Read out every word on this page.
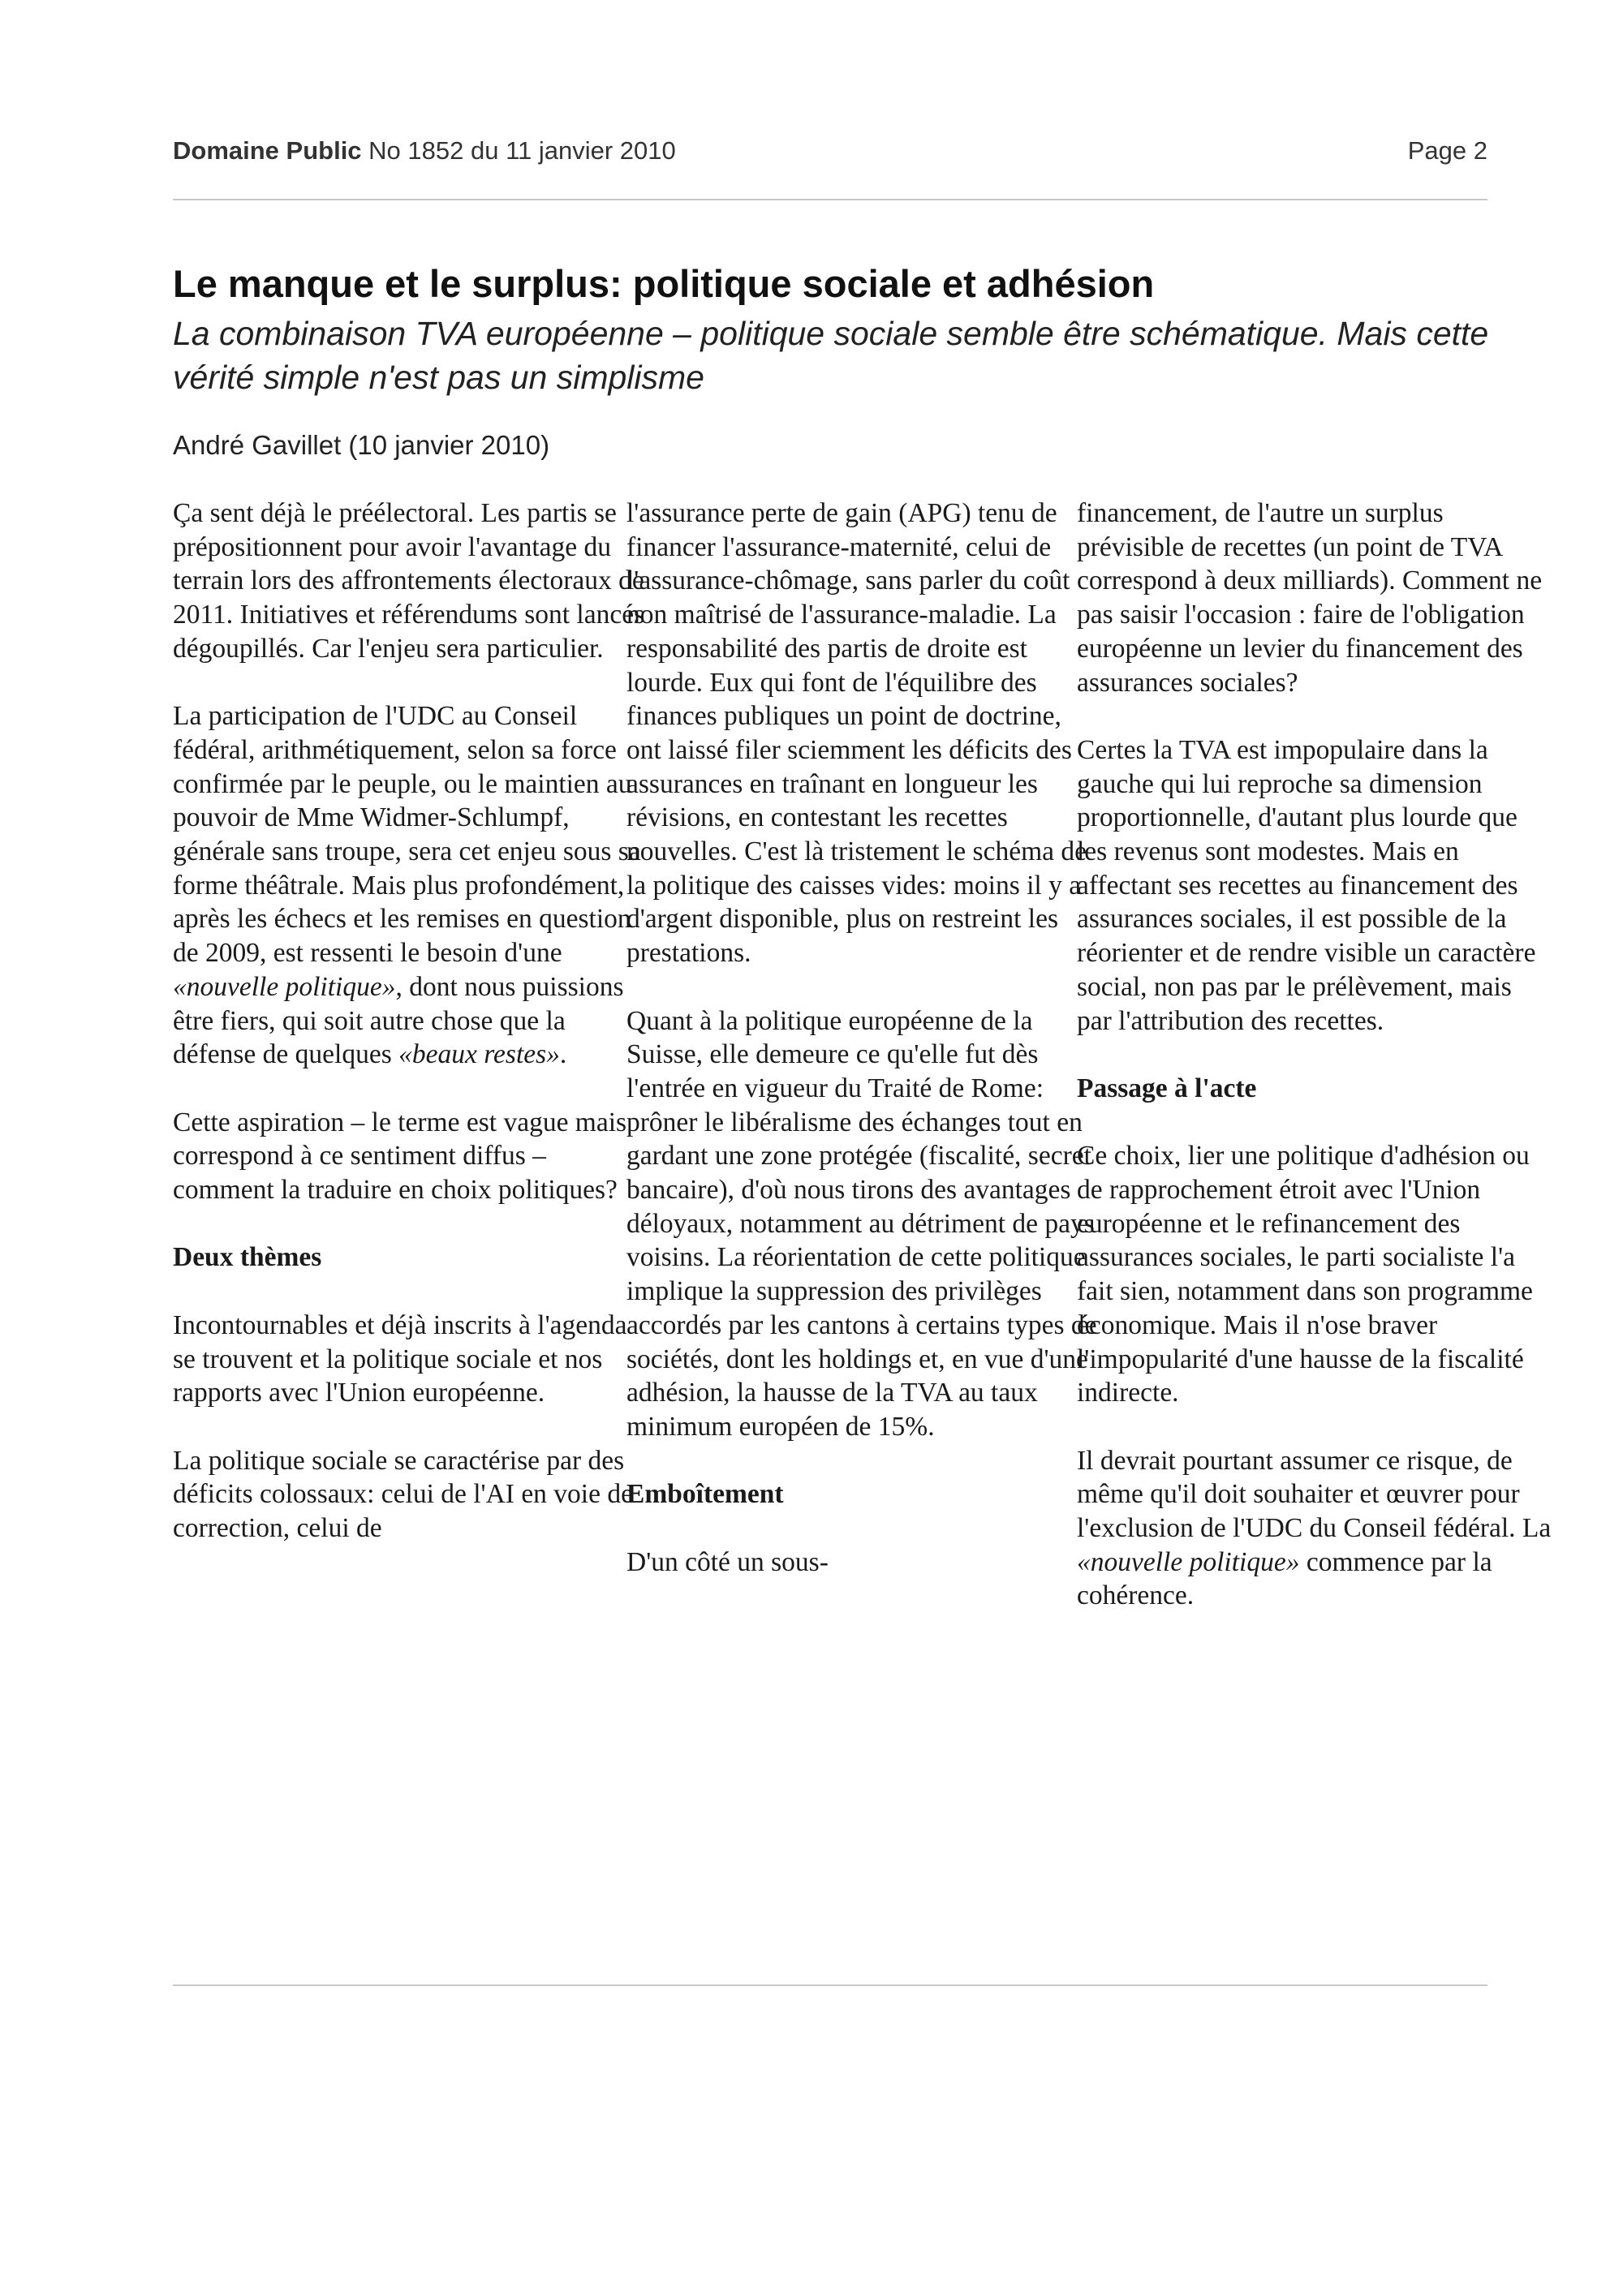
Domaine Public No 1852 du 11 janvier 2010	Page 2
Le manque et le surplus: politique sociale et adhésion
La combinaison TVA européenne – politique sociale semble être schématique. Mais cette vérité simple n'est pas un simplisme
André Gavillet (10 janvier 2010)

Ça sent déjà le préélectoral. Les partis se prépositionnent pour avoir l'avantage du terrain lors des affrontements électoraux de 2011. Initiatives et référendums sont lancés dégoupillés. Car l'enjeu sera particulier.

La participation de l'UDC au Conseil fédéral, arithmétiquement, selon sa force confirmée par le peuple, ou le maintien au pouvoir de Mme Widmer-Schlumpf, générale sans troupe, sera cet enjeu sous sa forme théâtrale. Mais plus profondément, après les échecs et les remises en question de 2009, est ressenti le besoin d'une «nouvelle politique», dont nous puissions être fiers, qui soit autre chose que la défense de quelques «beaux restes».

Cette aspiration – le terme est vague mais correspond à ce sentiment diffus – comment la traduire en choix politiques?

Deux thèmes

Incontournables et déjà inscrits à l'agenda se trouvent et la politique sociale et nos rapports avec l'Union européenne.

La politique sociale se caractérise par des déficits colossaux: celui de l'AI en voie de correction, celui de

l'assurance perte de gain (APG) tenu de financer l'assurance-maternité, celui de l'assurance-chômage, sans parler du coût non maîtrisé de l'assurance-maladie. La responsabilité des partis de droite est lourde. Eux qui font de l'équilibre des finances publiques un point de doctrine, ont laissé filer sciemment les déficits des assurances en traînant en longueur les révisions, en contestant les recettes nouvelles. C'est là tristement le schéma de la politique des caisses vides: moins il y a d'argent disponible, plus on restreint les prestations.

Quant à la politique européenne de la Suisse, elle demeure ce qu'elle fut dès l'entrée en vigueur du Traité de Rome: prôner le libéralisme des échanges tout en gardant une zone protégée (fiscalité, secret bancaire), d'où nous tirons des avantages déloyaux, notamment au détriment de pays voisins. La réorientation de cette politique implique la suppression des privilèges accordés par les cantons à certains types de sociétés, dont les holdings et, en vue d'une adhésion, la hausse de la TVA au taux minimum européen de 15%.

Emboîtement

D'un côté un sous-

financement, de l'autre un surplus prévisible de recettes (un point de TVA correspond à deux milliards). Comment ne pas saisir l'occasion : faire de l'obligation européenne un levier du financement des assurances sociales?

Certes la TVA est impopulaire dans la gauche qui lui reproche sa dimension proportionnelle, d'autant plus lourde que les revenus sont modestes. Mais en affectant ses recettes au financement des assurances sociales, il est possible de la réorienter et de rendre visible un caractère social, non pas par le prélèvement, mais par l'attribution des recettes.

Passage à l'acte

Ce choix, lier une politique d'adhésion ou de rapprochement étroit avec l'Union européenne et le refinancement des assurances sociales, le parti socialiste l'a fait sien, notamment dans son programme économique. Mais il n'ose braver l'impopularité d'une hausse de la fiscalité indirecte.

Il devrait pourtant assumer ce risque, de même qu'il doit souhaiter et œuvrer pour l'exclusion de l'UDC du Conseil fédéral. La «nouvelle politique» commence par la cohérence.
